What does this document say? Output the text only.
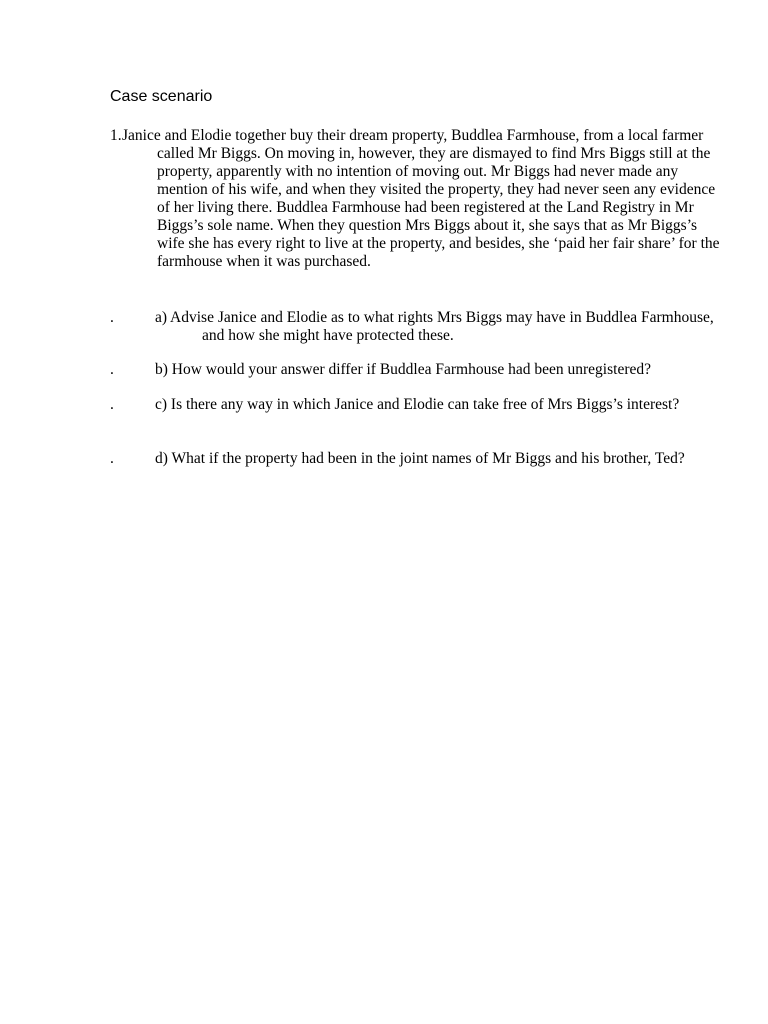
Case scenario
1. Janice and Elodie together buy their dream property, Buddlea Farmhouse, from a local farmer called Mr Biggs. On moving in, however, they are dismayed to find Mrs Biggs still at the property, apparently with no intention of moving out. Mr Biggs had never made any mention of his wife, and when they visited the property, they had never seen any evidence of her living there. Buddlea Farmhouse had been registered at the Land Registry in Mr Biggs’s sole name. When they question Mrs Biggs about it, she says that as Mr Biggs’s wife she has every right to live at the property, and besides, she ‘paid her fair share’ for the farmhouse when it was purchased.
.	a) Advise Janice and Elodie as to what rights Mrs Biggs may have in Buddlea Farmhouse, and how she might have protected these.
.	b) How would your answer differ if Buddlea Farmhouse had been unregistered?
.	c) Is there any way in which Janice and Elodie can take free of Mrs Biggs’s interest?
.	d) What if the property had been in the joint names of Mr Biggs and his brother, Ted?
